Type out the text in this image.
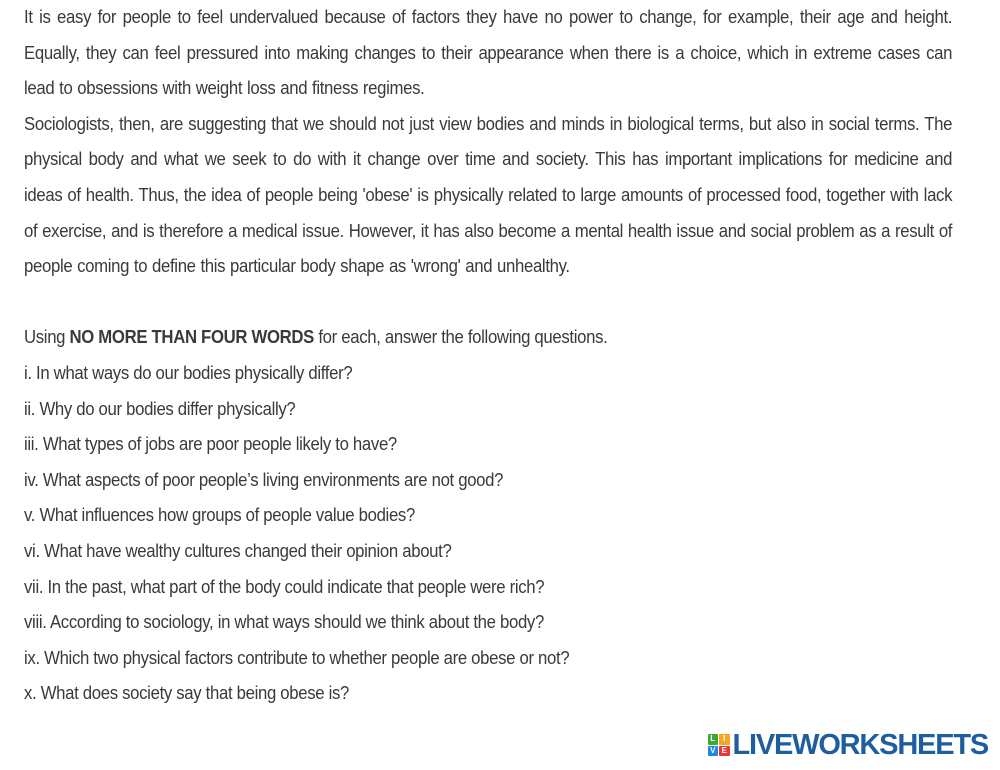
It is easy for people to feel undervalued because of factors they have no power to change, for example, their age and height. Equally, they can feel pressured into making changes to their appearance when there is a choice, which in extreme cases can lead to obsessions with weight loss and fitness regimes.

Sociologists, then, are suggesting that we should not just view bodies and minds in biological terms, but also in social terms. The physical body and what we seek to do with it change over time and society. This has important implications for medicine and ideas of health. Thus, the idea of people being 'obese' is physically related to large amounts of processed food, together with lack of exercise, and is therefore a medical issue. However, it has also become a mental health issue and social problem as a result of people coming to define this particular body shape as 'wrong' and unhealthy.

Using NO MORE THAN FOUR WORDS for each, answer the following questions.

i. In what ways do our bodies physically differ?

ii. Why do our bodies differ physically?

iii. What types of jobs are poor people likely to have?

iv. What aspects of poor people’s living environments are not good?

v. What influences how groups of people value bodies?

vi. What have wealthy cultures changed their opinion about?

vii. In the past, what part of the body could indicate that people were rich?

viii. According to sociology, in what ways should we think about the body?

ix. Which two physical factors contribute to whether people are obese or not?

x. What does society say that being obese is?

L I
V E LIVEWORKSHEETS
